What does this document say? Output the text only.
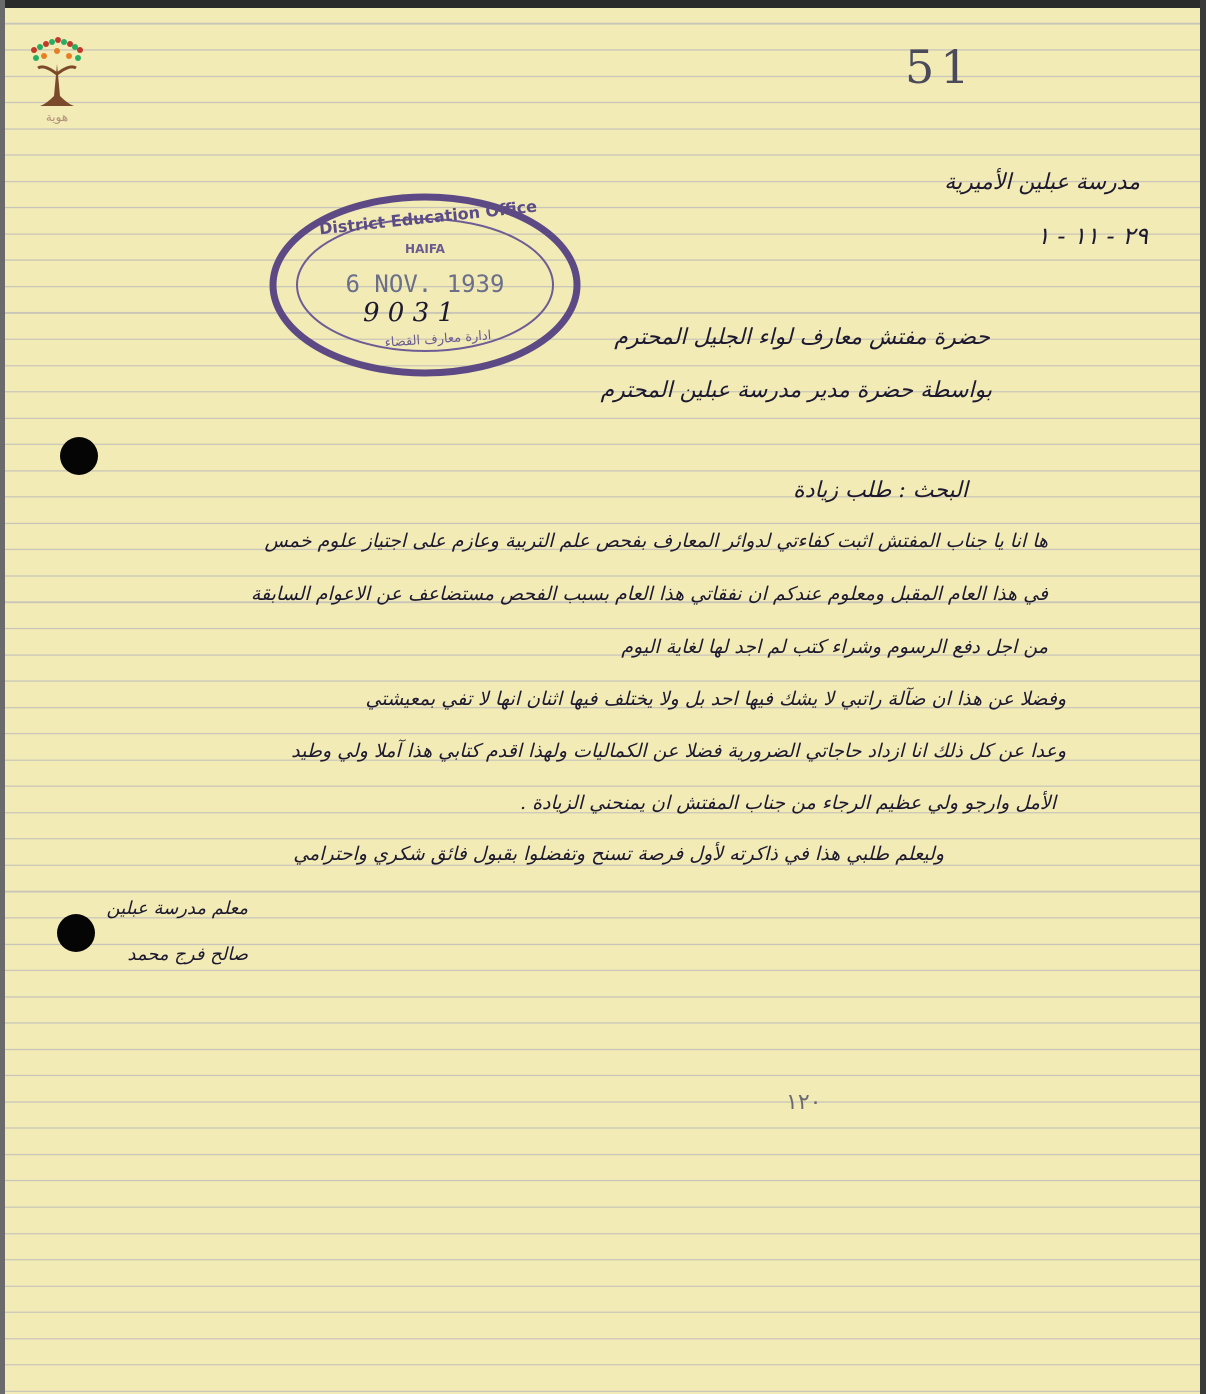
هوية
51
مدرسة عبلين الأميرية
٢٩ - ١١ - ١
District Education Office
HAIFA
6 NOV. 1939
9 0 3 1
ادارة معارف القضاء	حضرة مفتش معارف لواء الجليل المحترم
بواسطة حضرة مدير مدرسة عبلين المحترم
البحث : طلب زيادة
ها انا يا جناب المفتش اثبت كفاءتي لدوائر المعارف بفحص علم التربية وعازم على اجتياز علوم خمس
في هذا العام المقبل ومعلوم عندكم ان نفقاتي هذا العام بسبب الفحص مستضاعف عن الاعوام السابقة
من اجل دفع الرسوم وشراء كتب لم اجد لها لغاية اليوم
وفضلا عن هذا ان ضآلة راتبي لا يشك فيها احد بل ولا يختلف فيها اثنان انها لا تفي بمعيشتي
وعدا عن كل ذلك انا ازداد حاجاتي الضرورية فضلا عن الكماليات ولهذا اقدم كتابي هذا آملا ولي وطيد
الأمل وارجو ولي عظيم الرجاء من جناب المفتش ان يمنحني الزيادة .
وليعلم طلبي هذا في ذاكرته لأول فرصة تسنح وتفضلوا بقبول فائق شكري واحترامي
معلم مدرسة عبلين
صالح فرج محمد
١٢٠
